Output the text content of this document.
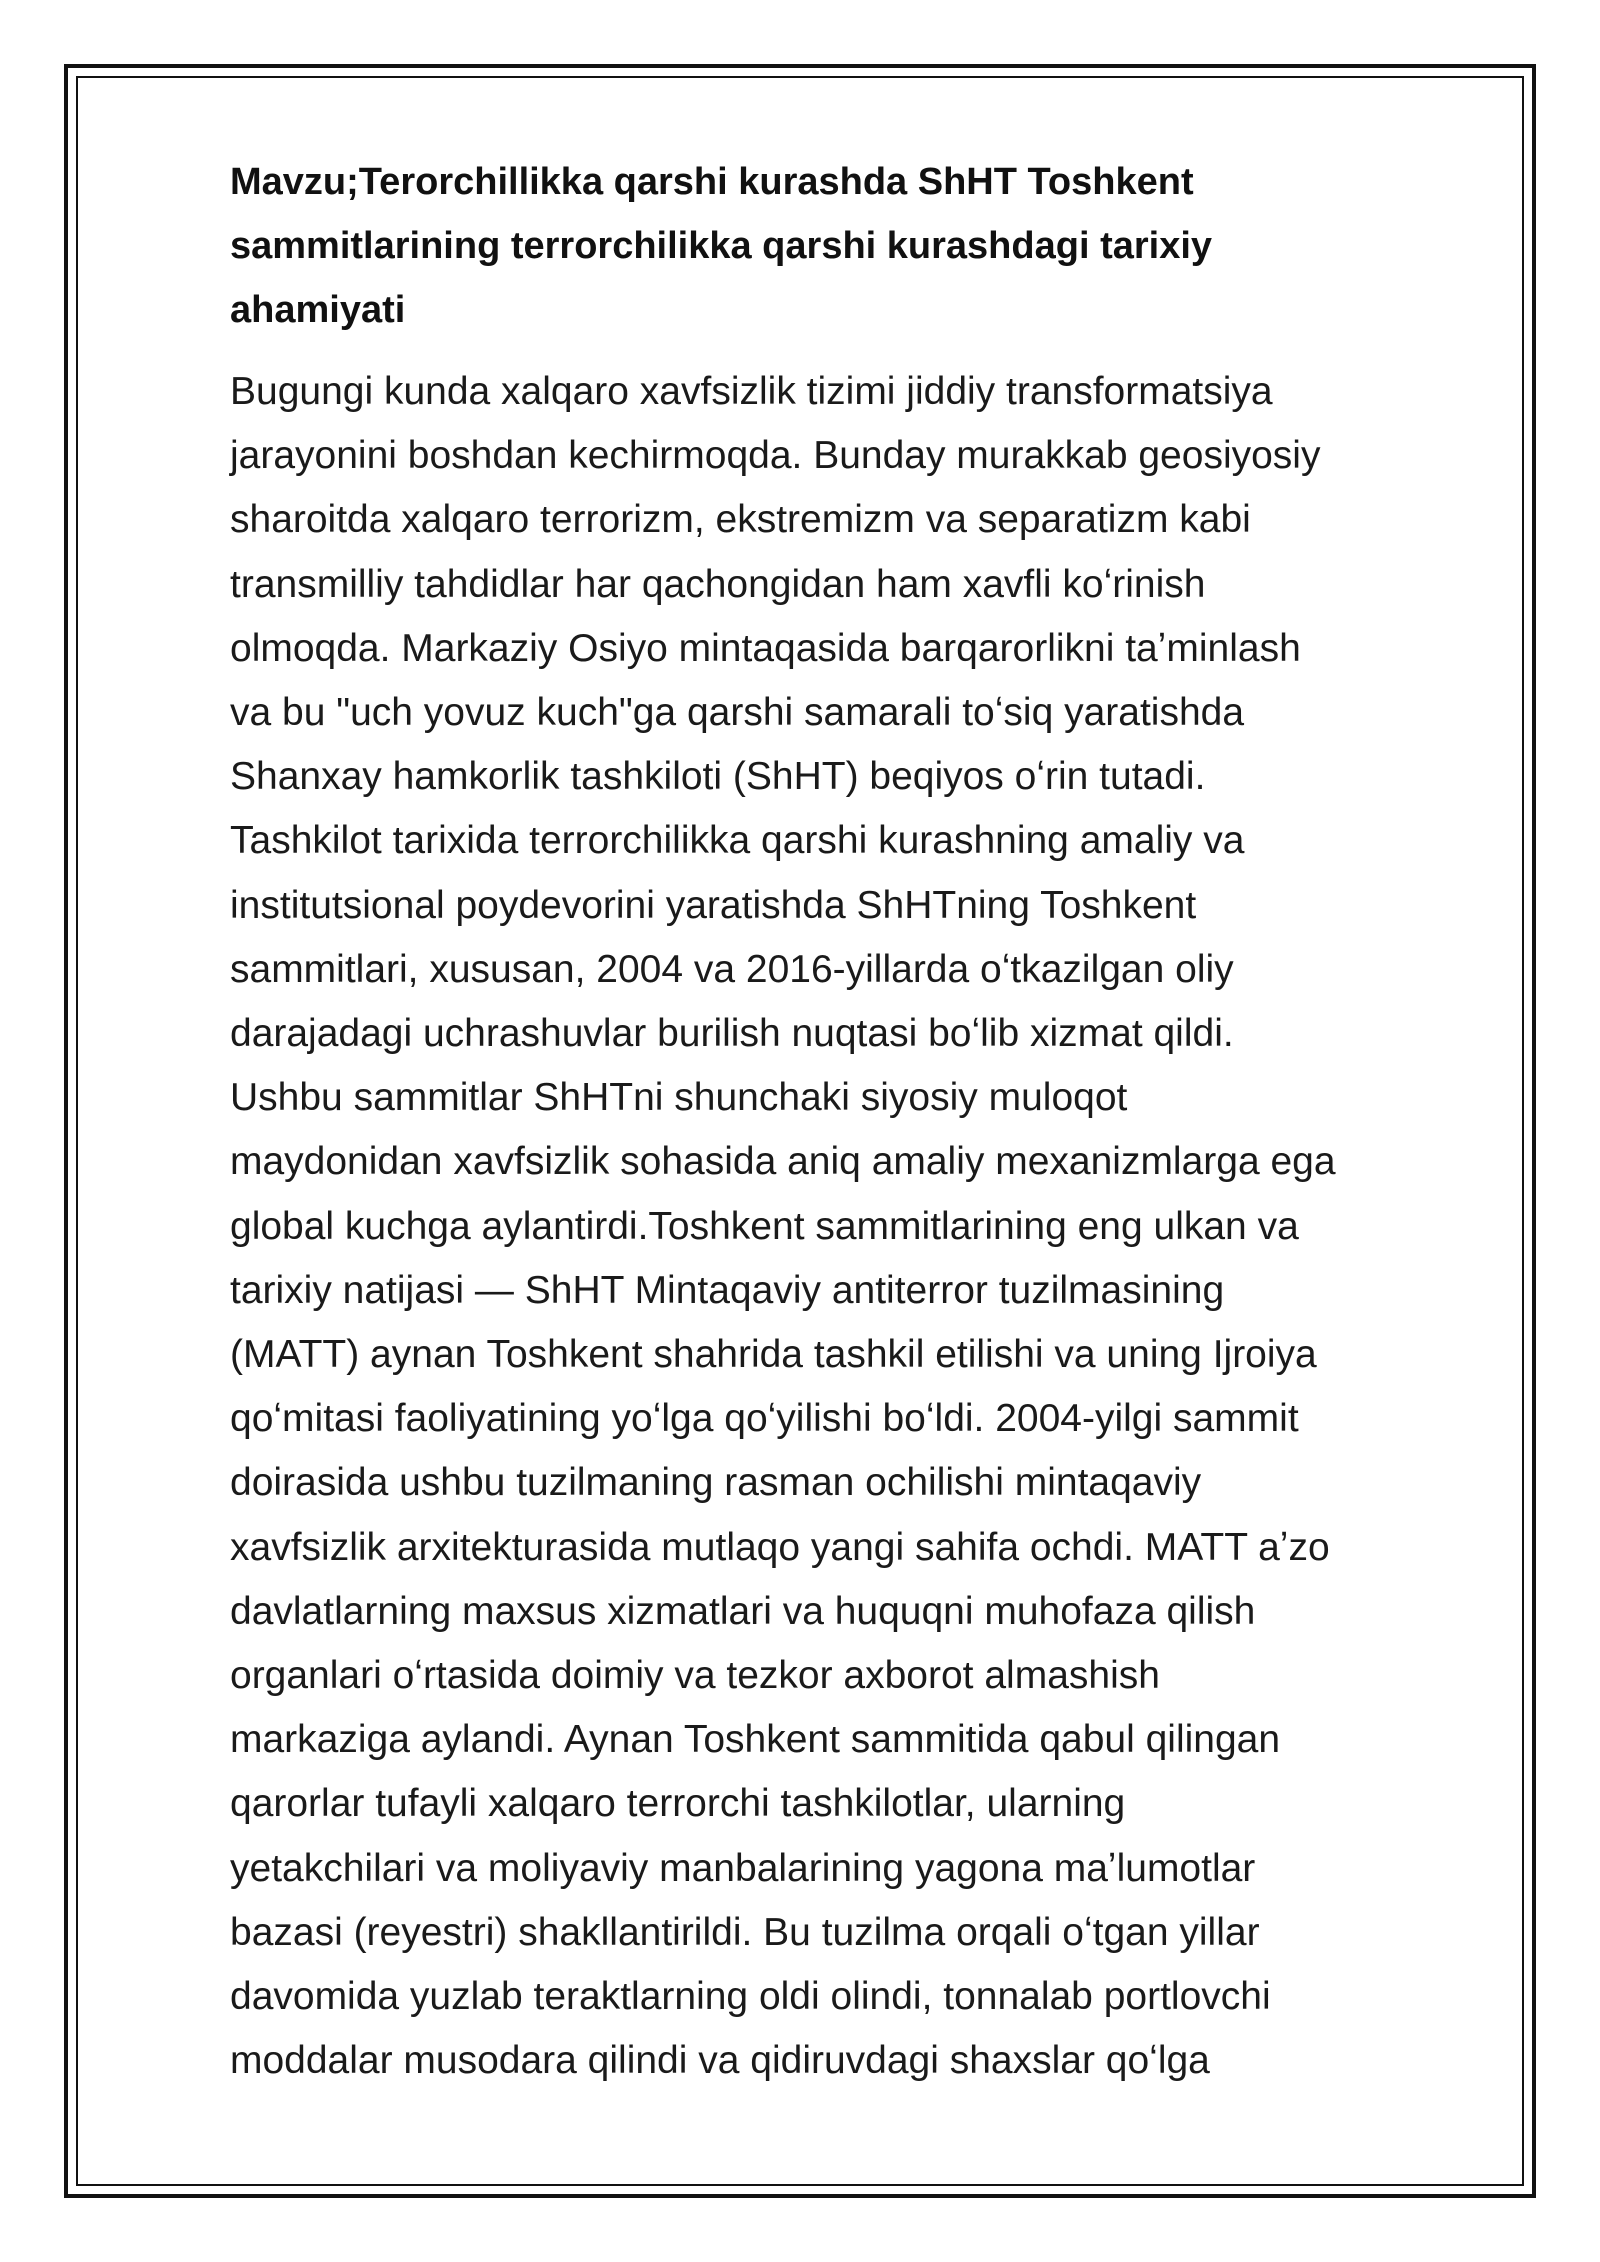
Mavzu;Terorchillikka qarshi kurashda ShHT Toshkent
sammitlarining terrorchilikka qarshi kurashdagi tarixiy
ahamiyati

Bugungi kunda xalqaro xavfsizlik tizimi jiddiy transformatsiya
jarayonini boshdan kechirmoqda. Bunday murakkab geosiyosiy
sharoitda xalqaro terrorizm, ekstremizm va separatizm kabi
transmilliy tahdidlar har qachongidan ham xavfli koʻrinish
olmoqda. Markaziy Osiyo mintaqasida barqarorlikni taʼminlash
va bu "uch yovuz kuch"ga qarshi samarali toʻsiq yaratishda
Shanxay hamkorlik tashkiloti (ShHT) beqiyos oʻrin tutadi.
Tashkilot tarixida terrorchilikka qarshi kurashning amaliy va
institutsional poydevorini yaratishda ShHTning Toshkent
sammitlari, xususan, 2004 va 2016-yillarda oʻtkazilgan oliy
darajadagi uchrashuvlar burilish nuqtasi boʻlib xizmat qildi.
Ushbu sammitlar ShHTni shunchaki siyosiy muloqot
maydonidan xavfsizlik sohasida aniq amaliy mexanizmlarga ega
global kuchga aylantirdi.Toshkent sammitlarining eng ulkan va
tarixiy natijasi — ShHT Mintaqaviy antiterror tuzilmasining
(MATT) aynan Toshkent shahrida tashkil etilishi va uning Ijroiya
qoʻmitasi faoliyatining yoʻlga qoʻyilishi boʻldi. 2004-yilgi sammit
doirasida ushbu tuzilmaning rasman ochilishi mintaqaviy
xavfsizlik arxitekturasida mutlaqo yangi sahifa ochdi. MATT aʼzo
davlatlarning maxsus xizmatlari va huquqni muhofaza qilish
organlari oʻrtasida doimiy va tezkor axborot almashish
markaziga aylandi. Aynan Toshkent sammitida qabul qilingan
qarorlar tufayli xalqaro terrorchi tashkilotlar, ularning
yetakchilari va moliyaviy manbalarining yagona maʼlumotlar
bazasi (reyestri) shakllantirildi. Bu tuzilma orqali oʻtgan yillar
davomida yuzlab teraktlarning oldi olindi, tonnalab portlovchi
moddalar musodara qilindi va qidiruvdagi shaxslar qoʻlga
